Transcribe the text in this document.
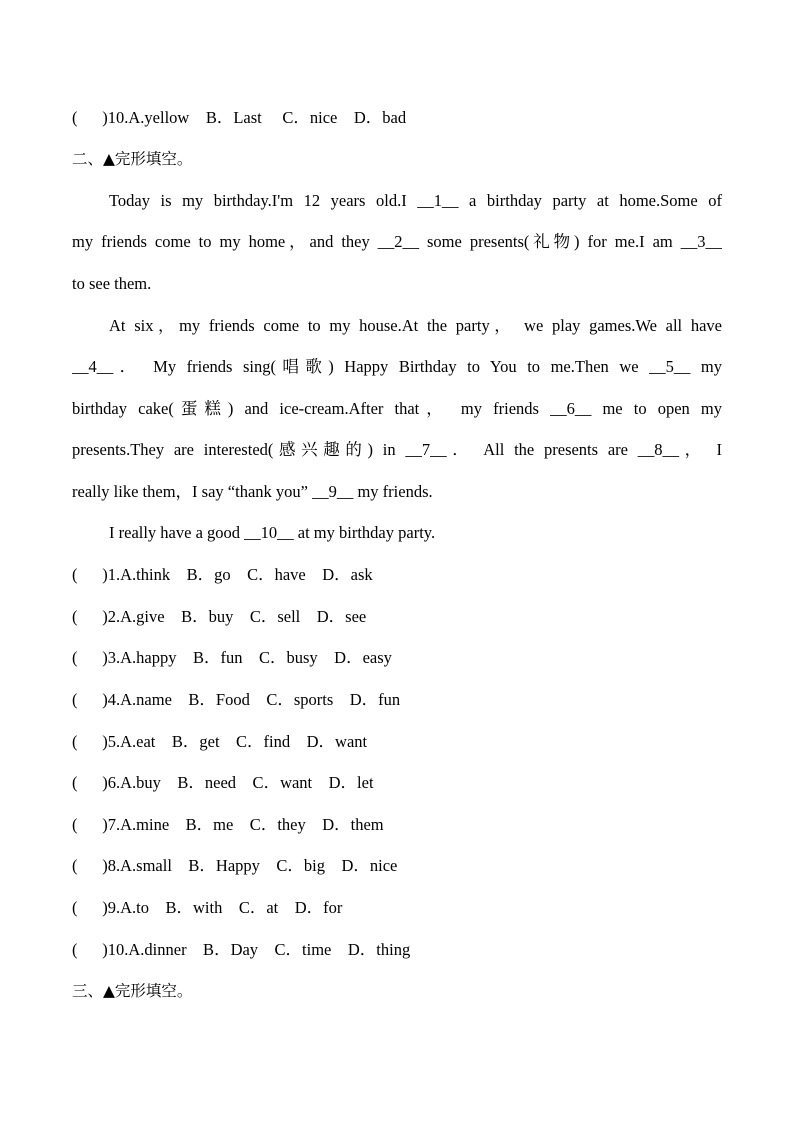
(      )10.A.yellow    B．Last     C．nice    D．bad
二、▲完形填空。
Today is my birthday.I'm 12 years old.I __1__ a birthday party at home.Some of
my friends come to my home，and they __2__ some presents(礼物) for me.I am __3__
to see them.
At six，my friends come to my house.At the party， we play games.We all have
__4__． My friends sing(唱歌) Happy Birthday to You to me.Then we __5__ my
birthday cake(蛋糕) and ice-cream.After that， my friends __6__ me to open my
presents.They are interested(感兴趣的) in __7__． All the presents are __8__， I
really like them，I say “thank you” __9__ my friends.
I really have a good __10__ at my birthday party.
(      )1.A.think    B．go    C．have    D．ask
(      )2.A.give    B．buy    C．sell    D．see
(      )3.A.happy    B．fun    C．busy    D．easy
(      )4.A.name    B．Food    C．sports    D．fun
(      )5.A.eat    B．get    C．find    D．want
(      )6.A.buy    B．need    C．want    D．let
(      )7.A.mine    B．me    C．they    D．them
(      )8.A.small    B．Happy    C．big    D．nice
(      )9.A.to    B．with    C．at    D．for
(      )10.A.dinner    B．Day    C．time    D．thing
三、▲完形填空。
